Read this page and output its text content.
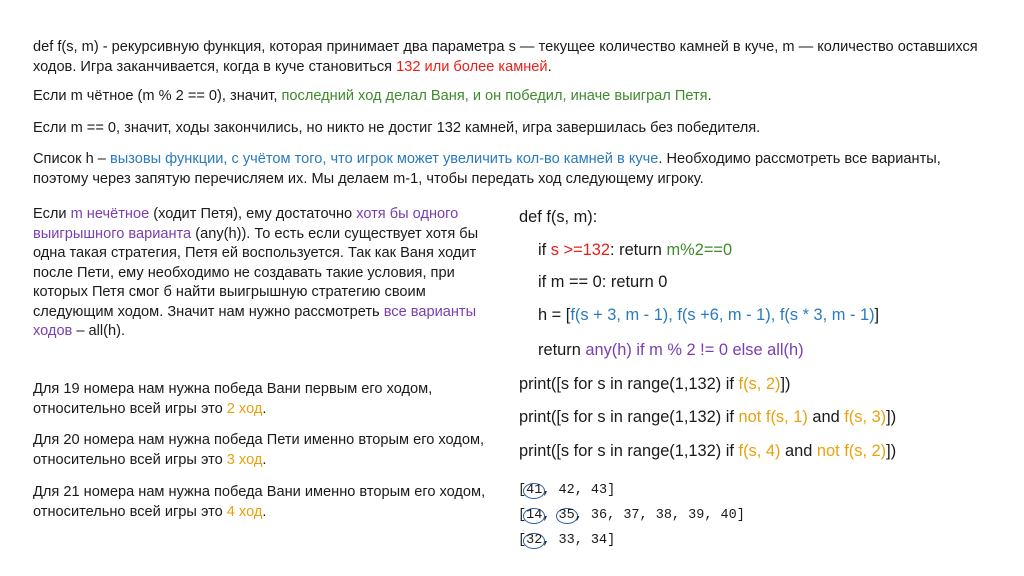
def f(s, m) - рекурсивную функция, которая принимает два параметра s — текущее количество камней в куче, m — количество оставшихся ходов. Игра заканчивается, когда в куче становиться 132 или более камней.
Если m чётное (m % 2 == 0), значит, последний ход делал Ваня, и он победил, иначе выиграл Петя.
Если m == 0, значит, ходы закончились, но никто не достиг 132 камней, игра завершилась без победителя.
Список h – вызовы функции, с учётом того, что игрок может увеличить кол-во камней в куче. Необходимо рассмотреть все варианты, поэтому через запятую перечисляем их. Мы делаем m-1, чтобы передать ход следующему игроку.
Если m нечётное (ходит Петя), ему достаточно хотя бы одного выигрышного варианта (any(h)). То есть если существует хотя бы одна такая стратегия, Петя ей воспользуется. Так как Ваня ходит после Пети, ему необходимо не создавать такие условия, при которых Петя смог б найти выигрышную стратегию своим следующим ходом. Значит нам нужно рассмотреть все варианты ходов – all(h).
Для 19 номера нам нужна победа Вани первым его ходом, относительно всей игры это 2 ход.
Для 20 номера нам нужна победа Пети именно вторым его ходом, относительно всей игры это 3 ход.
Для 21 номера нам нужна победа Вани именно вторым его ходом, относительно всей игры это 4 ход.
def f(s, m):
if s >=132: return m%2==0
if m == 0: return 0
h = [f(s + 3, m - 1), f(s +6, m - 1), f(s * 3, m - 1)]
return any(h) if m % 2 != 0 else all(h)
print([s for s in range(1,132) if f(s, 2)])
print([s for s in range(1,132) if not f(s, 1) and f(s, 3)])
print([s for s in range(1,132) if f(s, 4) and not f(s, 2)])
[41, 42, 43]
[14, 35, 36, 37, 38, 39, 40]
[32, 33, 34]
